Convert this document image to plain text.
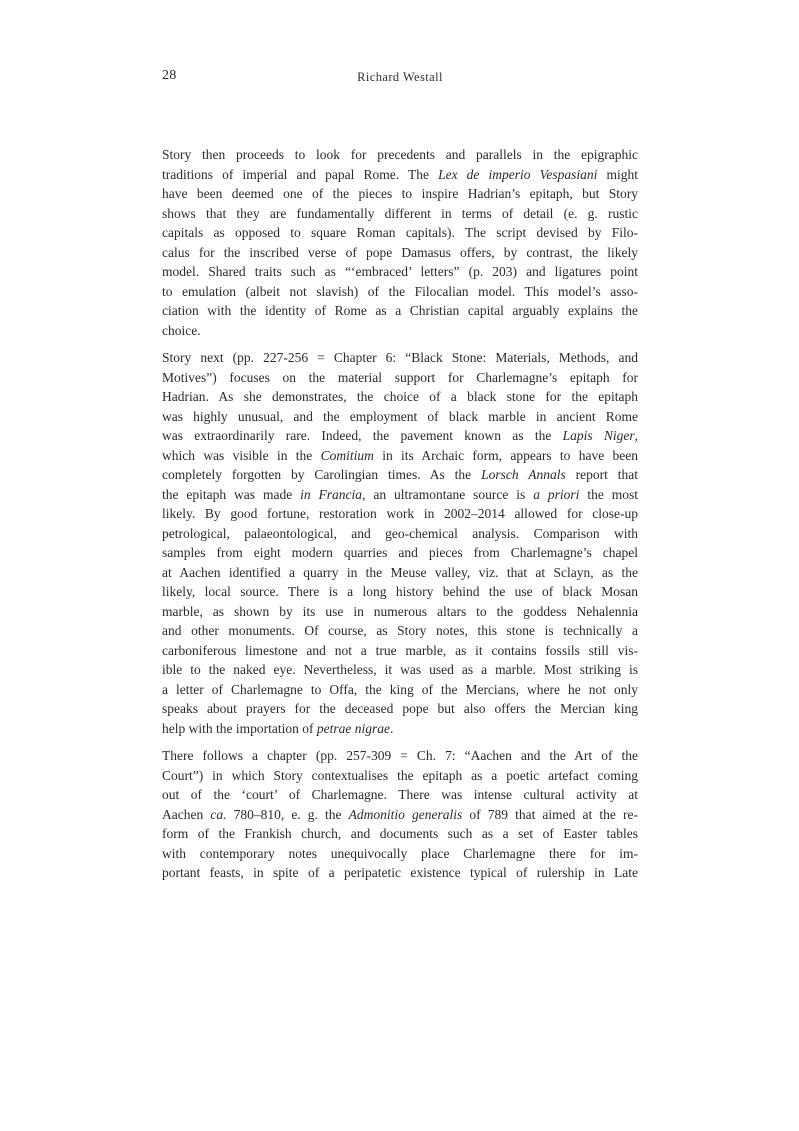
28	Richard Westall
Story then proceeds to look for precedents and parallels in the epigraphic
traditions of imperial and papal Rome. The Lex de imperio Vespasiani might
have been deemed one of the pieces to inspire Hadrian’s epitaph, but Story
shows that they are fundamentally different in terms of detail (e. g. rustic
capitals as opposed to square Roman capitals). The script devised by Filo-
calus for the inscribed verse of pope Damasus offers, by contrast, the likely
model. Shared traits such as “‘embraced’ letters” (p. 203) and ligatures point
to emulation (albeit not slavish) of the Filocalian model. This model’s asso-
ciation with the identity of Rome as a Christian capital arguably explains the
choice.
Story next (pp. 227-256 = Chapter 6: “Black Stone: Materials, Methods, and
Motives”) focuses on the material support for Charlemagne’s epitaph for
Hadrian. As she demonstrates, the choice of a black stone for the epitaph
was highly unusual, and the employment of black marble in ancient Rome
was extraordinarily rare. Indeed, the pavement known as the Lapis Niger,
which was visible in the Comitium in its Archaic form, appears to have been
completely forgotten by Carolingian times. As the Lorsch Annals report that
the epitaph was made in Francia, an ultramontane source is a priori the most
likely. By good fortune, restoration work in 2002–2014 allowed for close-up
petrological, palaeontological, and geo-chemical analysis. Comparison with
samples from eight modern quarries and pieces from Charlemagne’s chapel
at Aachen identified a quarry in the Meuse valley, viz. that at Sclayn, as the
likely, local source. There is a long history behind the use of black Mosan
marble, as shown by its use in numerous altars to the goddess Nehalennia
and other monuments. Of course, as Story notes, this stone is technically a
carboniferous limestone and not a true marble, as it contains fossils still vis-
ible to the naked eye. Nevertheless, it was used as a marble. Most striking is
a letter of Charlemagne to Offa, the king of the Mercians, where he not only
speaks about prayers for the deceased pope but also offers the Mercian king
help with the importation of petrae nigrae.
There follows a chapter (pp. 257-309 = Ch. 7: “Aachen and the Art of the
Court”) in which Story contextualises the epitaph as a poetic artefact coming
out of the ‘court’ of Charlemagne. There was intense cultural activity at
Aachen ca. 780–810, e. g. the Admonitio generalis of 789 that aimed at the re-
form of the Frankish church, and documents such as a set of Easter tables
with contemporary notes unequivocally place Charlemagne there for im-
portant feasts, in spite of a peripatetic existence typical of rulership in Late
